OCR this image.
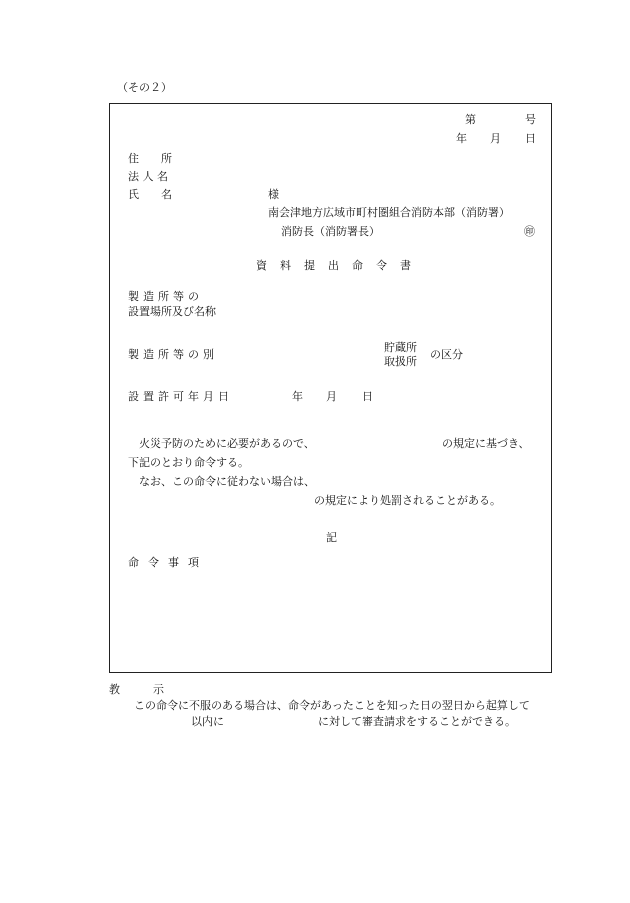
（その２）
第	号
年 月 日
住　　所
法 人 名
氏　　名	様
南会津地方広域市町村圏組合消防本部（消防署）
消防長（消防署長）	㊞
資料提出命令書
製造所等の
設置場所及び名称
製造所等の別
貯蔵所
取扱所
の区分
設置許可年月日	年 月 日
火災予防のために必要があるので、	の規定に基づき、
下記のとおり命令する。
なお、この命令に従わない場合は、
の規定により処罰されることがある。
記
命令事項
教　　　示
この命令に不服のある場合は、命令があったことを知った日の翌日から起算して
以内に	に対して審査請求をすることができる。
